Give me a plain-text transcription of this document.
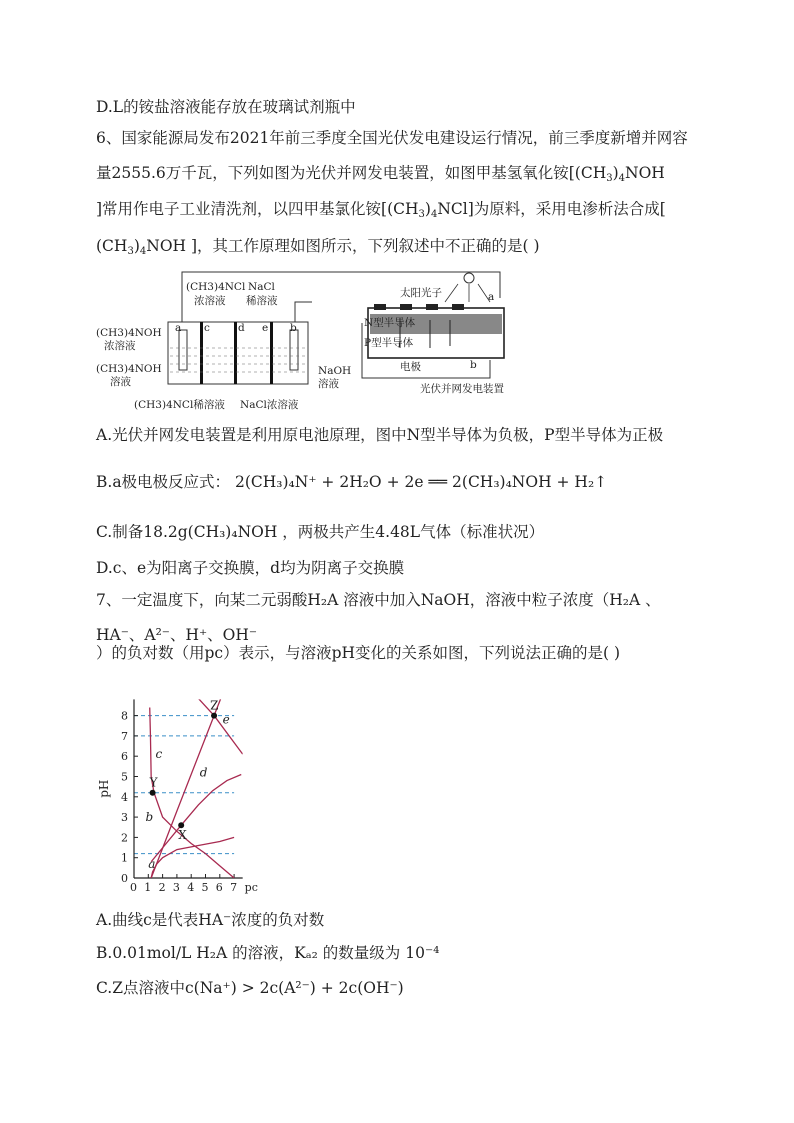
D.L的铵盐溶液能存放在玻璃试剂瓶中
6、国家能源局发布2021年前三季度全国光伏发电建设运行情况，前三季度新增并网容
量2555.6万千瓦，下列如图为光伏并网发电装置，如图甲基氢氧化铵[$(CH_3)_4NOH$
]常用作电子工业清洗剂，以四甲基氯化铵$[(CH_3)_4NCl]$为原料，采用电渗析法合成[
$(CH_3)_4NOH$ ]，其工作原理如图所示，下列叙述中不正确的是( )
(CH3)4NCl
浓溶液
NaCl
稀溶液
(CH3)4NOH
浓溶液
(CH3)4NOH
溶液
NaOH
溶液
(CH3)4NCl稀溶液 NaCl浓溶液
a c	d e b
太阳光子	a
N型半导体
P型半导体
电极	b
光伏并网发电装置
A.光伏并网发电装置是利用原电池原理，图中N型半导体为负极，P型半导体为正极
B.a极电极反应式： 2(CH₃)₄N⁺ + 2H₂O + 2e ══ 2(CH₃)₄NOH + H₂↑
C.制备18.2g(CH₃)₄NOH ，两极共产生4.48L气体（标准状况）
D.c、e为阳离子交换膜，d均为阴离子交换膜
7、一定温度下，向某二元弱酸H₂A 溶液中加入NaOH，溶液中粒子浓度（H₂A 、
HA⁻、A²⁻、H⁺、OH⁻
）的负对数（用pc）表示，与溶液pH变化的关系如图，下列说法正确的是( )
0 1 2 3 4 5 6 7
0
1
2
3
4
5
6
7
8
pc
pH
e
c
d
b
a
Z
Y
X
A.曲线c是代表HA⁻浓度的负对数
B.0.01mol/L H₂A 的溶液，Kₐ₂ 的数量级为 10⁻⁴
C.Z点溶液中c(Na⁺) > 2c(A²⁻) + 2c(OH⁻)
